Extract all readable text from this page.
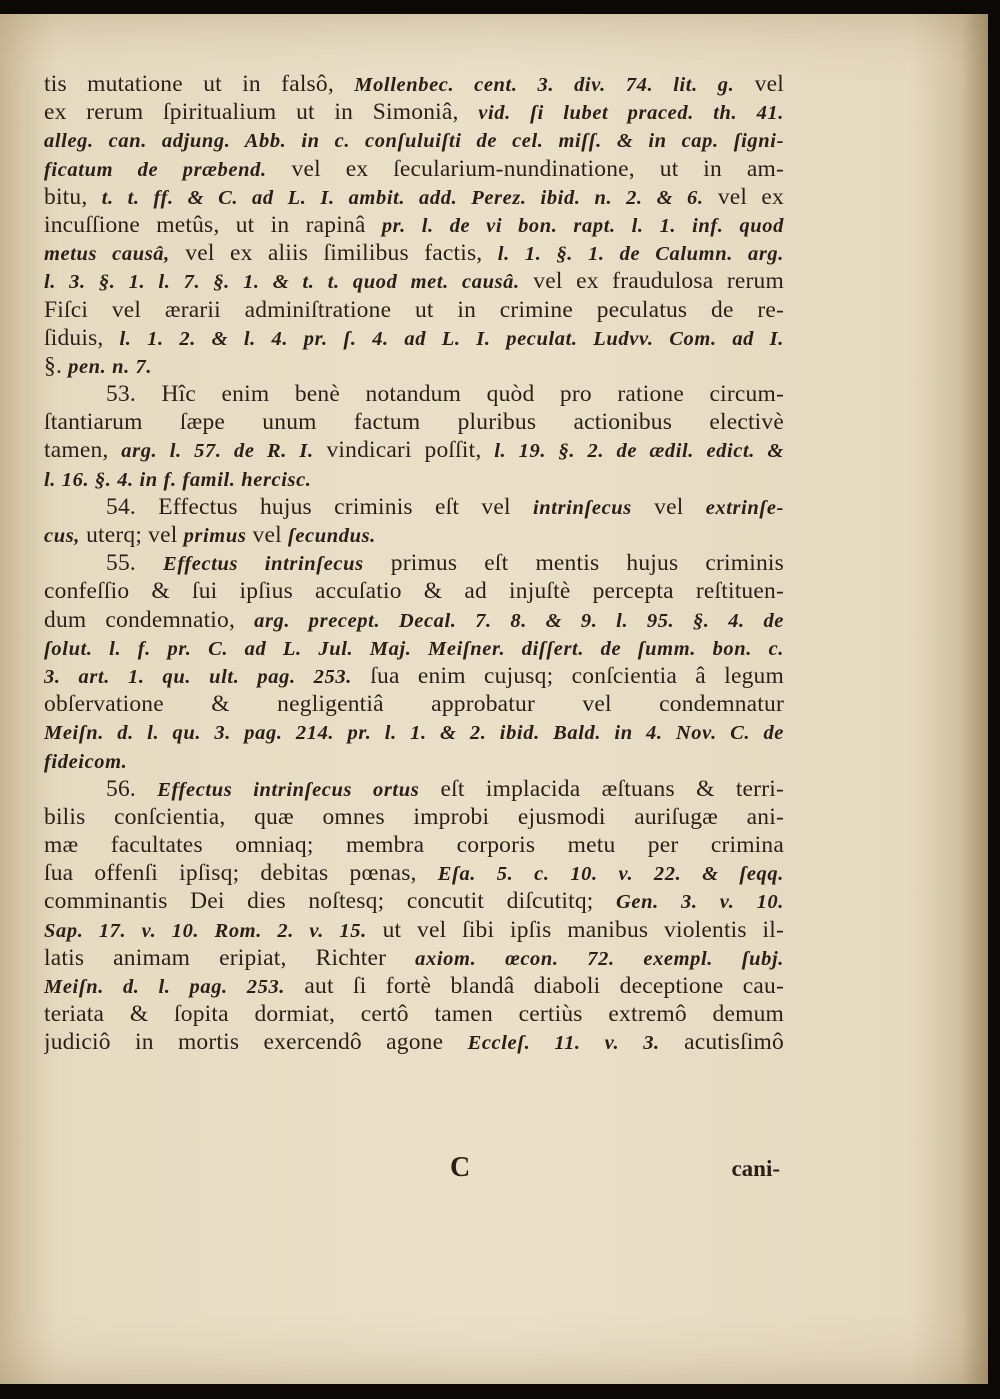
tis mutatione ut in falsô, Mollenbec. cent. 3. div. 74. lit. g. vel
ex rerum ſpiritualium ut in Simoniâ, vid. ſi lubet praced. th. 41.
alleg. can. adjung. Abb. in c. conſuluiſti de cel. miſſ. & in cap. ſigni-
ficatum de præbend. vel ex ſecularium-nundinatione, ut in am-
bitu, t. t. ff. & C. ad L. I. ambit. add. Perez. ibid. n. 2. & 6. vel ex
incuſſione metûs, ut in rapinâ pr. l. de vi bon. rapt. l. 1. inf. quod
metus causâ, vel ex aliis ſimilibus factis, l. 1. §. 1. de Calumn. arg.
l. 3. §. 1. l. 7. §. 1. & t. t. quod met. causâ. vel ex fraudulosa rerum
Fiſci vel ærarii adminiſtratione ut in crimine peculatus de re-
ſiduis, l. 1. 2. & l. 4. pr. ſ. 4. ad L. I. peculat. Ludvv. Com. ad I.
§. pen. n. 7.
53. Hîc enim benè notandum quòd pro ratione circum-
ſtantiarum ſæpe unum factum pluribus actionibus electivè
tamen, arg. l. 57. de R. I. vindicari poſſit, l. 19. §. 2. de ædil. edict. &
l. 16. §. 4. in f. famil. hercisc.
54. Effectus hujus criminis eſt vel intrinſecus vel extrinſe-
cus, uterq; vel primus vel ſecundus.
55. Effectus intrinſecus primus eſt mentis hujus criminis
confeſſio & ſui ipſius accuſatio & ad injuſtè percepta reſtituen-
dum condemnatio, arg. precept. Decal. 7. 8. & 9. l. 95. §. 4. de
ſolut. l. f. pr. C. ad L. Jul. Maj. Meiſner. diſſert. de ſumm. bon. c.
3. art. 1. qu. ult. pag. 253. ſua enim cujusq; conſcientia â legum
obſervatione & negligentiâ approbatur vel condemnatur
Meiſn. d. l. qu. 3. pag. 214. pr. l. 1. & 2. ibid. Bald. in 4. Nov. C. de
fideicom.
56. Effectus intrinſecus ortus eſt implacida æſtuans & terri-
bilis conſcientia, quæ omnes improbi ejusmodi auriſugæ ani-
mæ facultates omniaq; membra corporis metu per crimina
ſua offenſi ipſisq; debitas pœnas, Eſa. 5. c. 10. v. 22. & ſeqq.
comminantis Dei dies noſtesq; concutit diſcutitq; Gen. 3. v. 10.
Sap. 17. v. 10. Rom. 2. v. 15. ut vel ſibi ipſis manibus violentis il-
latis animam eripiat, Richter axiom. œcon. 72. exempl. ſubj.
Meiſn. d. l. pag. 253. aut ſi fortè blandâ diaboli deceptione cau-
teriata & ſopita dormiat, certô tamen certiùs extremô demum
judiciô in mortis exercendô agone Eccleſ. 11. v. 3. acutisſimô
C	cani-
